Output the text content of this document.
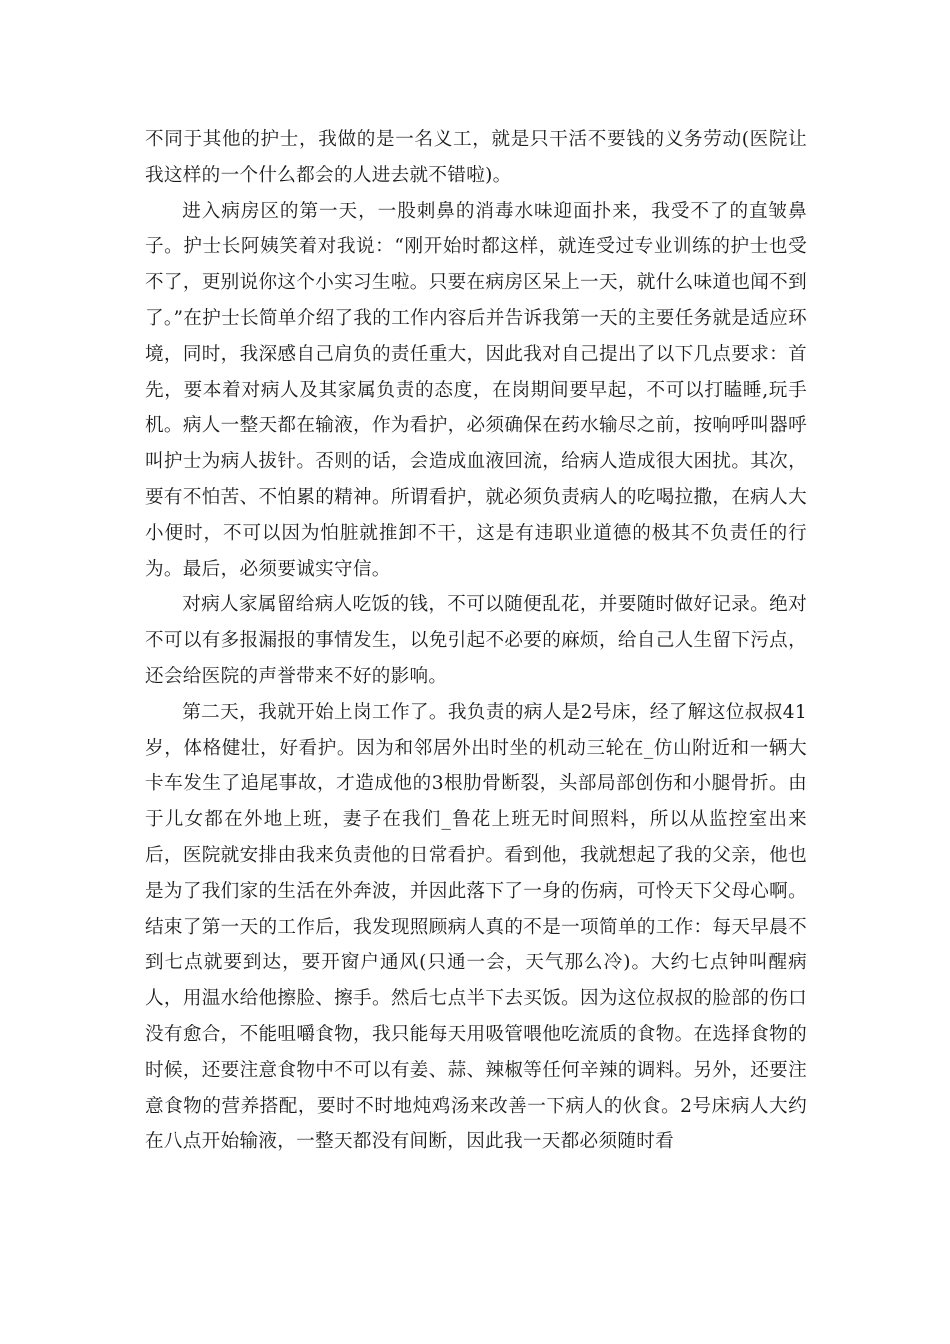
不同于其他的护士，我做的是一名义工，就是只干活不要钱的义务劳动(医院让我这样的一个什么都会的人进去就不错啦)。

进入病房区的第一天，一股刺鼻的消毒水味迎面扑来，我受不了的直皱鼻子。护士长阿姨笑着对我说：“刚开始时都这样，就连受过专业训练的护士也受不了，更别说你这个小实习生啦。只要在病房区呆上一天，就什么味道也闻不到了。”在护士长简单介绍了我的工作内容后并告诉我第一天的主要任务就是适应环境，同时，我深感自己肩负的责任重大，因此我对自己提出了以下几点要求：首先，要本着对病人及其家属负责的态度，在岗期间要早起，不可以打瞌睡,玩手机。病人一整天都在输液，作为看护，必须确保在药水输尽之前，按响呼叫器呼叫护士为病人拔针。否则的话，会造成血液回流，给病人造成很大困扰。其次，要有不怕苦、不怕累的精神。所谓看护，就必须负责病人的吃喝拉撒，在病人大小便时，不可以因为怕脏就推卸不干，这是有违职业道德的极其不负责任的行为。最后，必须要诚实守信。

对病人家属留给病人吃饭的钱，不可以随便乱花，并要随时做好记录。绝对不可以有多报漏报的事情发生，以免引起不必要的麻烦，给自己人生留下污点，还会给医院的声誉带来不好的影响。

第二天，我就开始上岗工作了。我负责的病人是2号床，经了解这位叔叔41岁，体格健壮，好看护。因为和邻居外出时坐的机动三轮在_仿山附近和一辆大卡车发生了追尾事故，才造成他的3根肋骨断裂，头部局部创伤和小腿骨折。由于儿女都在外地上班，妻子在我们_鲁花上班无时间照料，所以从监控室出来后，医院就安排由我来负责他的日常看护。看到他，我就想起了我的父亲，他也是为了我们家的生活在外奔波，并因此落下了一身的伤病，可怜天下父母心啊。结束了第一天的工作后，我发现照顾病人真的不是一项简单的工作：每天早晨不到七点就要到达，要开窗户通风(只通一会，天气那么冷)。大约七点钟叫醒病人，用温水给他擦脸、擦手。然后七点半下去买饭。因为这位叔叔的脸部的伤口没有愈合，不能咀嚼食物，我只能每天用吸管喂他吃流质的食物。在选择食物的时候，还要注意食物中不可以有姜、蒜、辣椒等任何辛辣的调料。另外，还要注意食物的营养搭配，要时不时地炖鸡汤来改善一下病人的伙食。2号床病人大约在八点开始输液，一整天都没有间断，因此我一天都必须随时看
